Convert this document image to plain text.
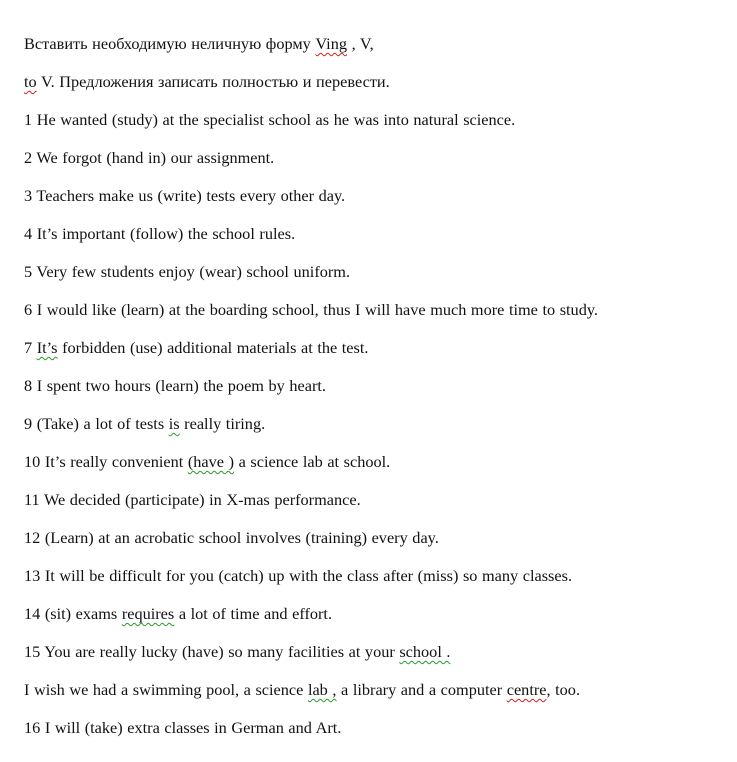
Вставить необходимую неличную форму Ving , V,
to V. Предложения записать полностью и перевести.
1 He wanted (study) at the specialist school as he was into natural science.
2 We forgot (hand in) our assignment.
3 Teachers make us (write) tests every other day.
4 It’s important (follow) the school rules.
5 Very few students enjoy (wear) school uniform.
6 I would like (learn) at the boarding school, thus I will have much more time to study.
7 It’s forbidden (use) additional materials at the test.
8 I spent two hours (learn) the poem by heart.
9 (Take) a lot of tests is really tiring.
10 It’s really convenient (have ) a science lab at school.
11 We decided (participate) in X-mas performance.
12 (Learn) at an acrobatic school involves (training) every day.
13 It will be difficult for you (catch) up with the class after (miss) so many classes.
14 (sit) exams requires a lot of time and effort.
15 You are really lucky (have) so many facilities at your school .
I wish we had a swimming pool, a science lab , a library and a computer centre, too.
16 I will (take) extra classes in German and Art.
